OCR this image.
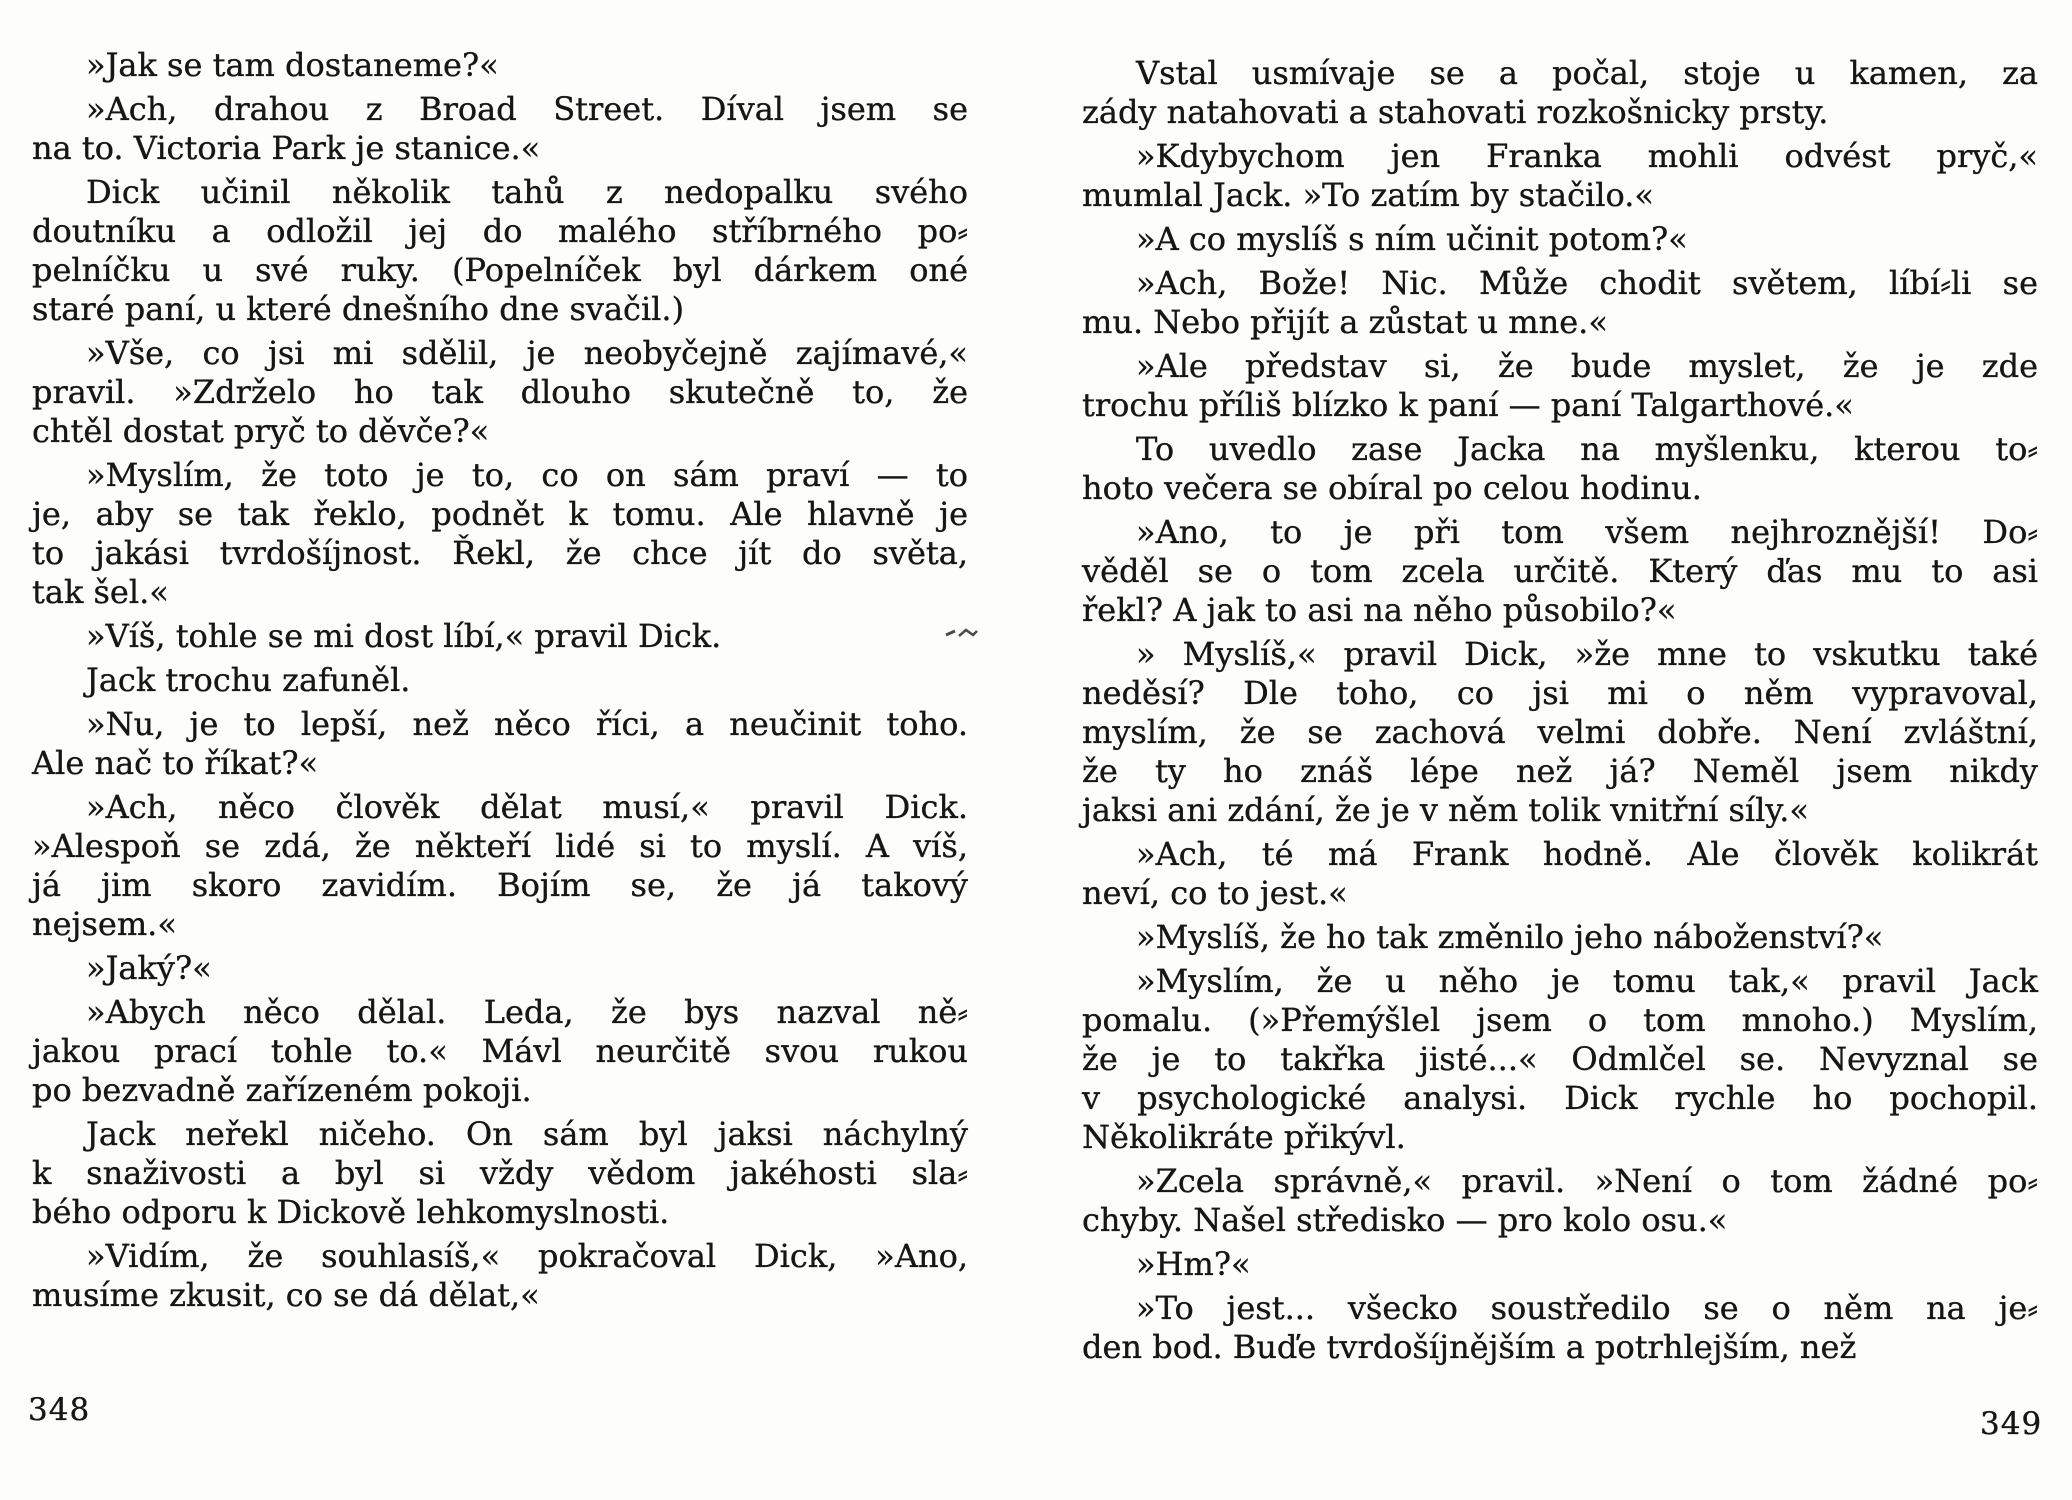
»Jak se tam dostaneme?«
»Ach, drahou z Broad Street. Díval jsem se
na to. Victoria Park je stanice.«
Dick učinil několik tahů z nedopalku svého
doutníku a odložil jej do malého stříbrného po⸗
pelníčku u své ruky. (Popelníček byl dárkem oné
staré paní, u které dnešního dne svačil.)
»Vše, co jsi mi sdělil, je neobyčejně zajímavé,«
pravil. »Zdrželo ho tak dlouho skutečně to, že
chtěl dostat pryč to děvče?«
»Myslím, že toto je to, co on sám praví — to
je, aby se tak řeklo, podnět k tomu. Ale hlavně je
to jakási tvrdošíjnost. Řekl, že chce jít do světa,
tak šel.«
»Víš, tohle se mi dost líbí,« pravil Dick.
Jack trochu zafuněl.
»Nu, je to lepší, než něco říci, a neučinit toho.
Ale nač to říkat?«
»Ach, něco člověk dělat musí,« pravil Dick.
»Alespoň se zdá, že někteří lidé si to myslí. A víš,
já jim skoro zavidím. Bojím se, že já takový
nejsem.«
»Jaký?«
»Abych něco dělal. Leda, že bys nazval ně⸗
jakou prací tohle to.« Mávl neurčitě svou rukou
po bezvadně zařízeném pokoji.
Jack neřekl ničeho. On sám byl jaksi náchylný
k snaživosti a byl si vždy vědom jakéhosti sla⸗
bého odporu k Dickově lehkomyslnosti.
»Vidím, že souhlasíš,« pokračoval Dick, »Ano,
musíme zkusit, co se dá dělat,«
Vstal usmívaje se a počal, stoje u kamen, za
zády natahovati a stahovati rozkošnicky prsty.
»Kdybychom jen Franka mohli odvést pryč,«
mumlal Jack. »To zatím by stačilo.«
»A co myslíš s ním učinit potom?«
»Ach, Bože! Nic. Může chodit světem, líbí⸗li se
mu. Nebo přijít a zůstat u mne.«
»Ale představ si, že bude myslet, že je zde
trochu příliš blízko k paní — paní Talgarthové.«
To uvedlo zase Jacka na myšlenku, kterou to⸗
hoto večera se obíral po celou hodinu.
»Ano, to je při tom všem nejhroznější! Do⸗
věděl se o tom zcela určitě. Který ďas mu to asi
řekl? A jak to asi na něho působilo?«
» Myslíš,« pravil Dick, »že mne to vskutku také
neděsí? Dle toho, co jsi mi o něm vypravoval,
myslím, že se zachová velmi dobře. Není zvláštní,
že ty ho znáš lépe než já? Neměl jsem nikdy
jaksi ani zdání, že je v něm tolik vnitřní síly.«
»Ach, té má Frank hodně. Ale člověk kolikrát
neví, co to jest.«
»Myslíš, že ho tak změnilo jeho náboženství?«
»Myslím, že u něho je tomu tak,« pravil Jack
pomalu. (»Přemýšlel jsem o tom mnoho.) Myslím,
že je to takřka jisté...« Odmlčel se. Nevyznal se
v psychologické analysi. Dick rychle ho pochopil.
Několikráte přikývl.
»Zcela správně,« pravil. »Není o tom žádné po⸗
chyby. Našel středisko — pro kolo osu.«
»Hm?«
»To jest... všecko soustředilo se o něm na je⸗
den bod. Buďe tvrdošíjnějším a potrhlejším, než
348	349
